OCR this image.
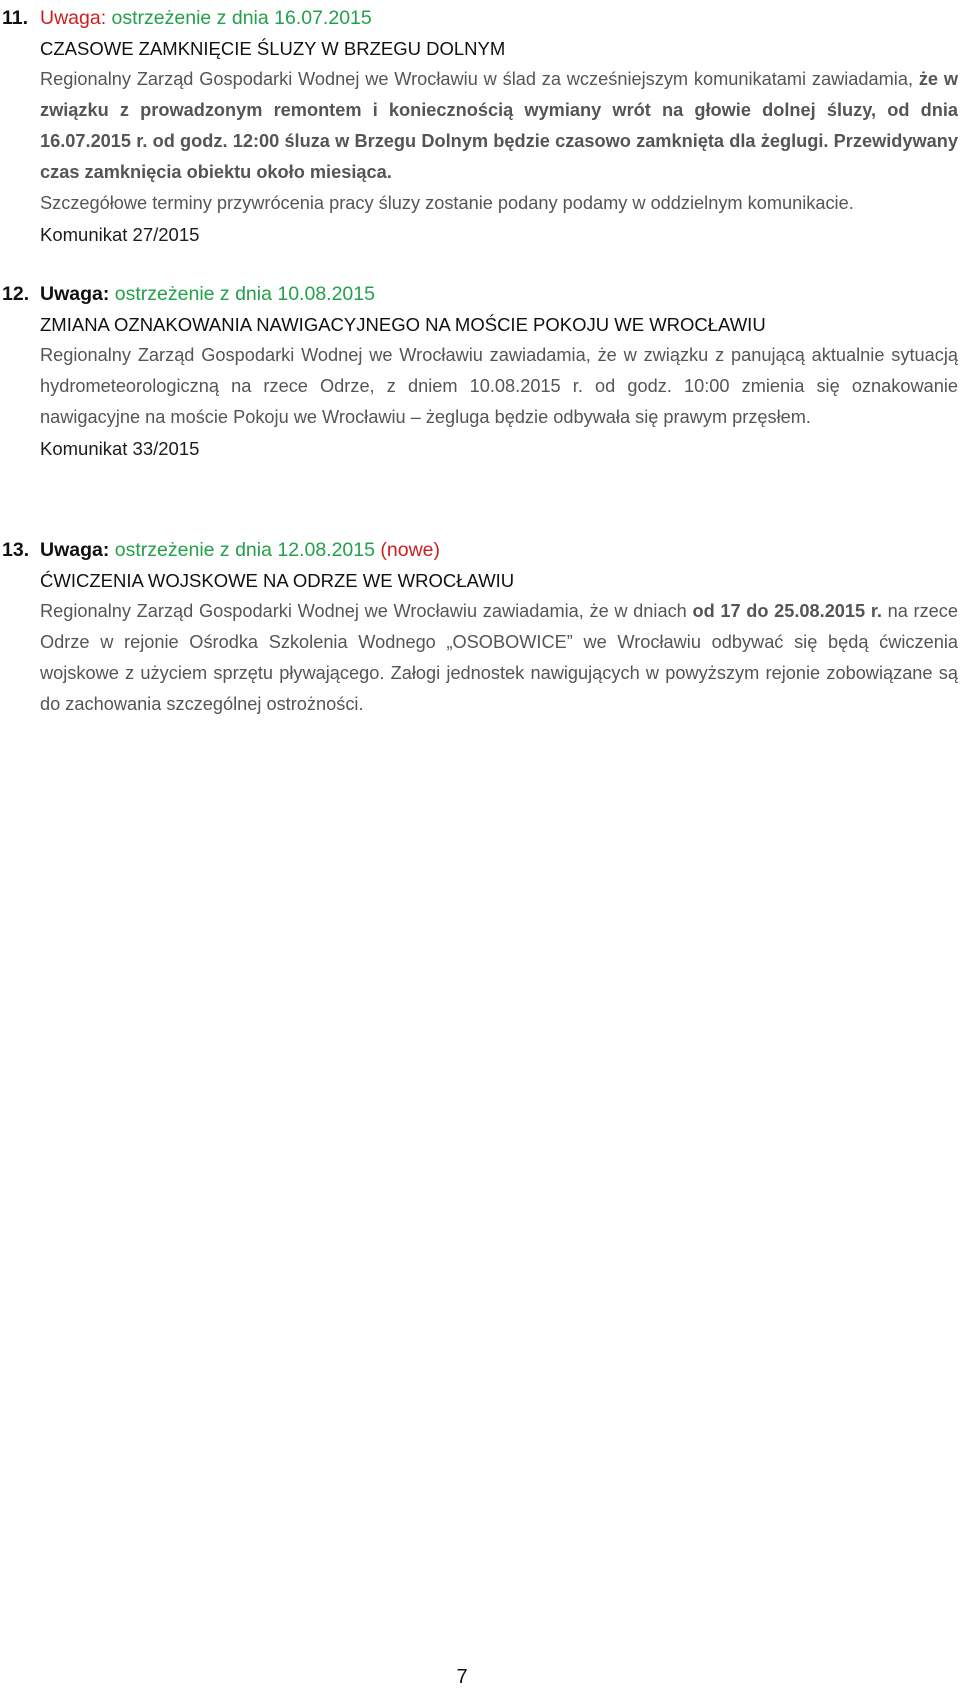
11. Uwaga: ostrzeżenie z dnia 16.07.2015
CZASOWE ZAMKNIĘCIE ŚLUZY W BRZEGU DOLNYM

Regionalny Zarząd Gospodarki Wodnej we Wrocławiu w ślad za wcześniejszym komunikatami zawiadamia, że w związku z prowadzonym remontem i koniecznością wymiany wrót na głowie dolnej śluzy, od dnia 16.07.2015 r. od godz. 12:00 śluza w Brzegu Dolnym będzie czasowo zamknięta dla żeglugi. Przewidywany czas zamknięcia obiektu około miesiąca.

Szczegółowe terminy przywrócenia pracy śluzy zostanie podany podamy w oddzielnym komunikacie.

Komunikat 27/2015
12. Uwaga: ostrzeżenie z dnia 10.08.2015
ZMIANA OZNAKOWANIA NAWIGACYJNEGO NA MOŚCIE POKOJU WE WROCŁAWIU

Regionalny Zarząd Gospodarki Wodnej we Wrocławiu zawiadamia, że w związku z panującą aktualnie sytuacją hydrometeorologiczną na rzece Odrze, z dniem 10.08.2015 r. od godz. 10:00 zmienia się oznakowanie nawigacyjne na moście Pokoju we Wrocławiu – żegluga będzie odbywała się prawym przęsłem.

Komunikat 33/2015
13. Uwaga: ostrzeżenie z dnia 12.08.2015 (nowe)
ĆWICZENIA WOJSKOWE NA ODRZE WE WROCŁAWIU

Regionalny Zarząd Gospodarki Wodnej we Wrocławiu zawiadamia, że w dniach od 17 do 25.08.2015 r. na rzece Odrze w rejonie Ośrodka Szkolenia Wodnego „OSOBOWICE” we Wrocławiu odbywać się będą ćwiczenia wojskowe z użyciem sprzętu pływającego. Załogi jednostek nawigujących w powyższym rejonie zobowiązane są do zachowania szczególnej ostrożności.

7
